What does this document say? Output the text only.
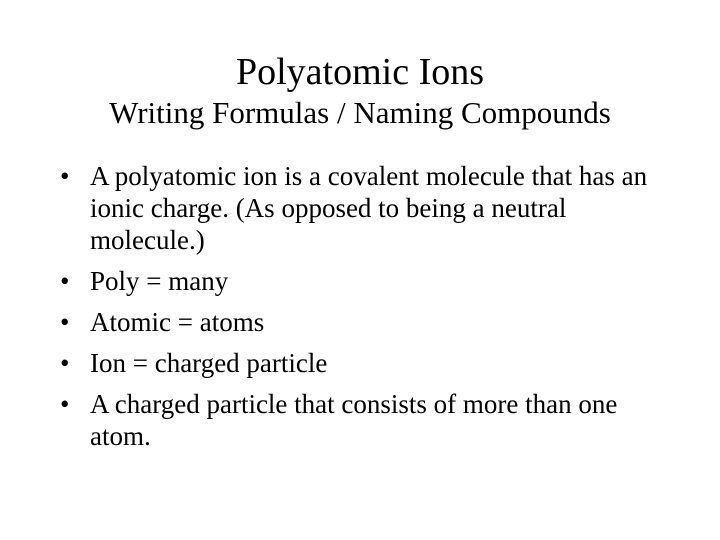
Polyatomic Ions
Writing Formulas / Naming Compounds
• A polyatomic ion is a covalent molecule that has an ionic charge. (As opposed to being a neutral molecule.)
• Poly = many
• Atomic = atoms
• Ion = charged particle
• A charged particle that consists of more than one atom.
